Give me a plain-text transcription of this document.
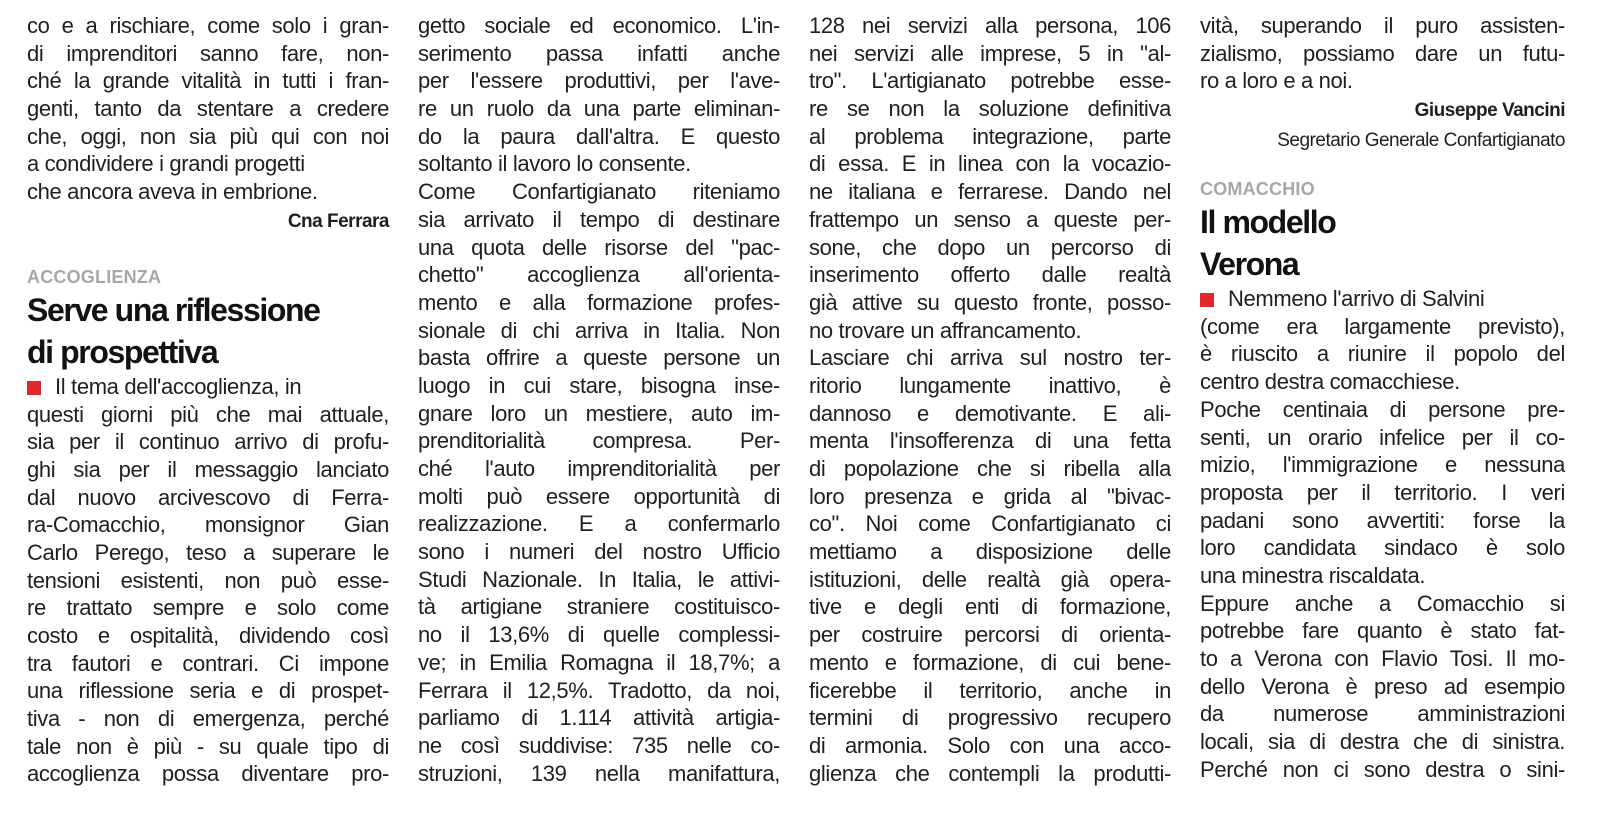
co e a rischiare, come solo i gran-
di imprenditori sanno fare, non-
ché la grande vitalità in tutti i fran-
genti, tanto da stentare a credere
che, oggi, non sia più qui con noi
a condividere i grandi progetti
che ancora aveva in embrione.
Cna Ferrara
ACCOGLIENZA
Serve una riflessione
di prospettiva
Il tema dell'accoglienza, in
questi giorni più che mai attuale,
sia per il continuo arrivo di profu-
ghi sia per il messaggio lanciato
dal nuovo arcivescovo di Ferra-
ra-Comacchio, monsignor Gian
Carlo Perego, teso a superare le
tensioni esistenti, non può esse-
re trattato sempre e solo come
costo e ospitalità, dividendo così
tra fautori e contrari. Ci impone
una riflessione seria e di prospet-
tiva - non di emergenza, perché
tale non è più - su quale tipo di
accoglienza possa diventare pro-
getto sociale ed economico. L'in-
serimento passa infatti anche
per l'essere produttivi, per l'ave-
re un ruolo da una parte eliminan-
do la paura dall'altra. E questo
soltanto il lavoro lo consente.
Come Confartigianato riteniamo
sia arrivato il tempo di destinare
una quota delle risorse del "pac-
chetto" accoglienza all'orienta-
mento e alla formazione profes-
sionale di chi arriva in Italia. Non
basta offrire a queste persone un
luogo in cui stare, bisogna inse-
gnare loro un mestiere, auto im-
prenditorialità compresa. Per-
ché l'auto imprenditorialità per
molti può essere opportunità di
realizzazione. E a confermarlo
sono i numeri del nostro Ufficio
Studi Nazionale. In Italia, le attivi-
tà artigiane straniere costituisco-
no il 13,6% di quelle complessi-
ve; in Emilia Romagna il 18,7%; a
Ferrara il 12,5%. Tradotto, da noi,
parliamo di 1.114 attività artigia-
ne così suddivise: 735 nelle co-
struzioni, 139 nella manifattura,
128 nei servizi alla persona, 106
nei servizi alle imprese, 5 in "al-
tro". L'artigianato potrebbe esse-
re se non la soluzione definitiva
al problema integrazione, parte
di essa. E in linea con la vocazio-
ne italiana e ferrarese. Dando nel
frattempo un senso a queste per-
sone, che dopo un percorso di
inserimento offerto dalle realtà
già attive su questo fronte, posso-
no trovare un affrancamento.
Lasciare chi arriva sul nostro ter-
ritorio lungamente inattivo, è
dannoso e demotivante. E ali-
menta l'insofferenza di una fetta
di popolazione che si ribella alla
loro presenza e grida al "bivac-
co". Noi come Confartigianato ci
mettiamo a disposizione delle
istituzioni, delle realtà già opera-
tive e degli enti di formazione,
per costruire percorsi di orienta-
mento e formazione, di cui bene-
ficerebbe il territorio, anche in
termini di progressivo recupero
di armonia. Solo con una acco-
glienza che contempli la produtti-
vità, superando il puro assisten-
zialismo, possiamo dare un futu-
ro a loro e a noi.
Giuseppe Vancini
Segretario Generale Confartigianato
COMACCHIO
Il modello
Verona
Nemmeno l'arrivo di Salvini
(come era largamente previsto),
è riuscito a riunire il popolo del
centro destra comacchiese.
Poche centinaia di persone pre-
senti, un orario infelice per il co-
mizio, l'immigrazione e nessuna
proposta per il territorio. I veri
padani sono avvertiti: forse la
loro candidata sindaco è solo
una minestra riscaldata.
Eppure anche a Comacchio si
potrebbe fare quanto è stato fat-
to a Verona con Flavio Tosi. Il mo-
dello Verona è preso ad esempio
da numerose amministrazioni
locali, sia di destra che di sinistra.
Perché non ci sono destra o sini-
